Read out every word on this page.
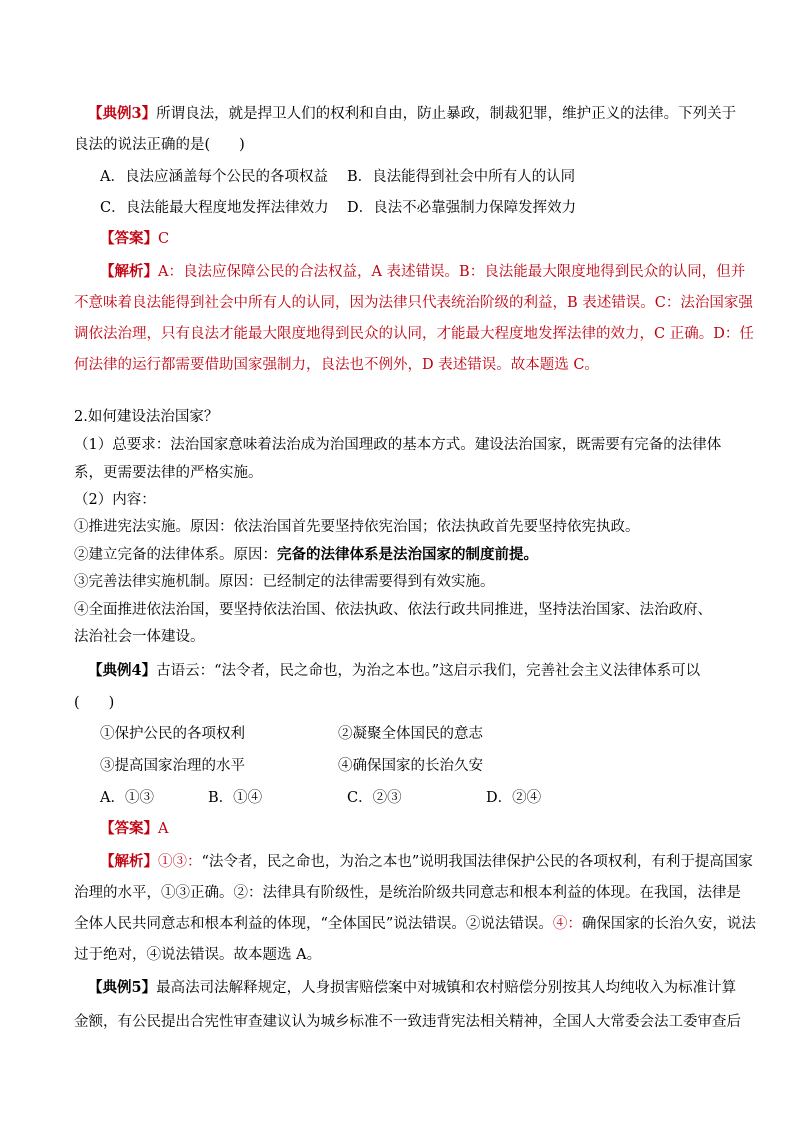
【典例3】所谓良法，就是捍卫人们的权利和自由，防止暴政，制裁犯罪，维护正义的法律。下列关于
良法的说法正确的是(　　)
A．良法应涵盖每个公民的各项权益 B．良法能得到社会中所有人的认同
C．良法能最大程度地发挥法律效力 D．良法不必靠强制力保障发挥效力
【答案】C
【解析】A：良法应保障公民的合法权益，A 表述错误。B：良法能最大限度地得到民众的认同，但并
不意味着良法能得到社会中所有人的认同，因为法律只代表统治阶级的利益，B 表述错误。C：法治国家强
调依法治理，只有良法才能最大限度地得到民众的认同，才能最大程度地发挥法律的效力，C 正确。D：任
何法律的运行都需要借助国家强制力，良法也不例外，D 表述错误。故本题选 C。
2.如何建设法治国家？
（1）总要求：法治国家意味着法治成为治国理政的基本方式。建设法治国家，既需要有完备的法律体
系，更需要法律的严格实施。
（2）内容：
①推进宪法实施。原因：依法治国首先要坚持依宪治国；依法执政首先要坚持依宪执政。
②建立完备的法律体系。原因：完备的法律体系是法治国家的制度前提。
③完善法律实施机制。原因：已经制定的法律需要得到有效实施。
④全面推进依法治国，要坚持依法治国、依法执政、依法行政共同推进，坚持法治国家、法治政府、
法治社会一体建设。
【典例4】古语云：“法令者，民之命也，为治之本也。”这启示我们，完善社会主义法律体系可以
(　　)
①保护公民的各项权利	②凝聚全体国民的意志
③提高国家治理的水平	④确保国家的长治久安
A．①③	B．①④	C．②③	D．②④
【答案】A
【解析】①③：“法令者，民之命也，为治之本也”说明我国法律保护公民的各项权利，有利于提高国家
治理的水平，①③正确。②：法律具有阶级性，是统治阶级共同意志和根本利益的体现。在我国，法律是
全体人民共同意志和根本利益的体现，“全体国民”说法错误。②说法错误。④：确保国家的长治久安，说法
过于绝对，④说法错误。故本题选 A。
【典例5】最高法司法解释规定，人身损害赔偿案中对城镇和农村赔偿分别按其人均纯收入为标准计算
金额，有公民提出合宪性审查建议认为城乡标准不一致违背宪法相关精神，全国人大常委会法工委审查后
